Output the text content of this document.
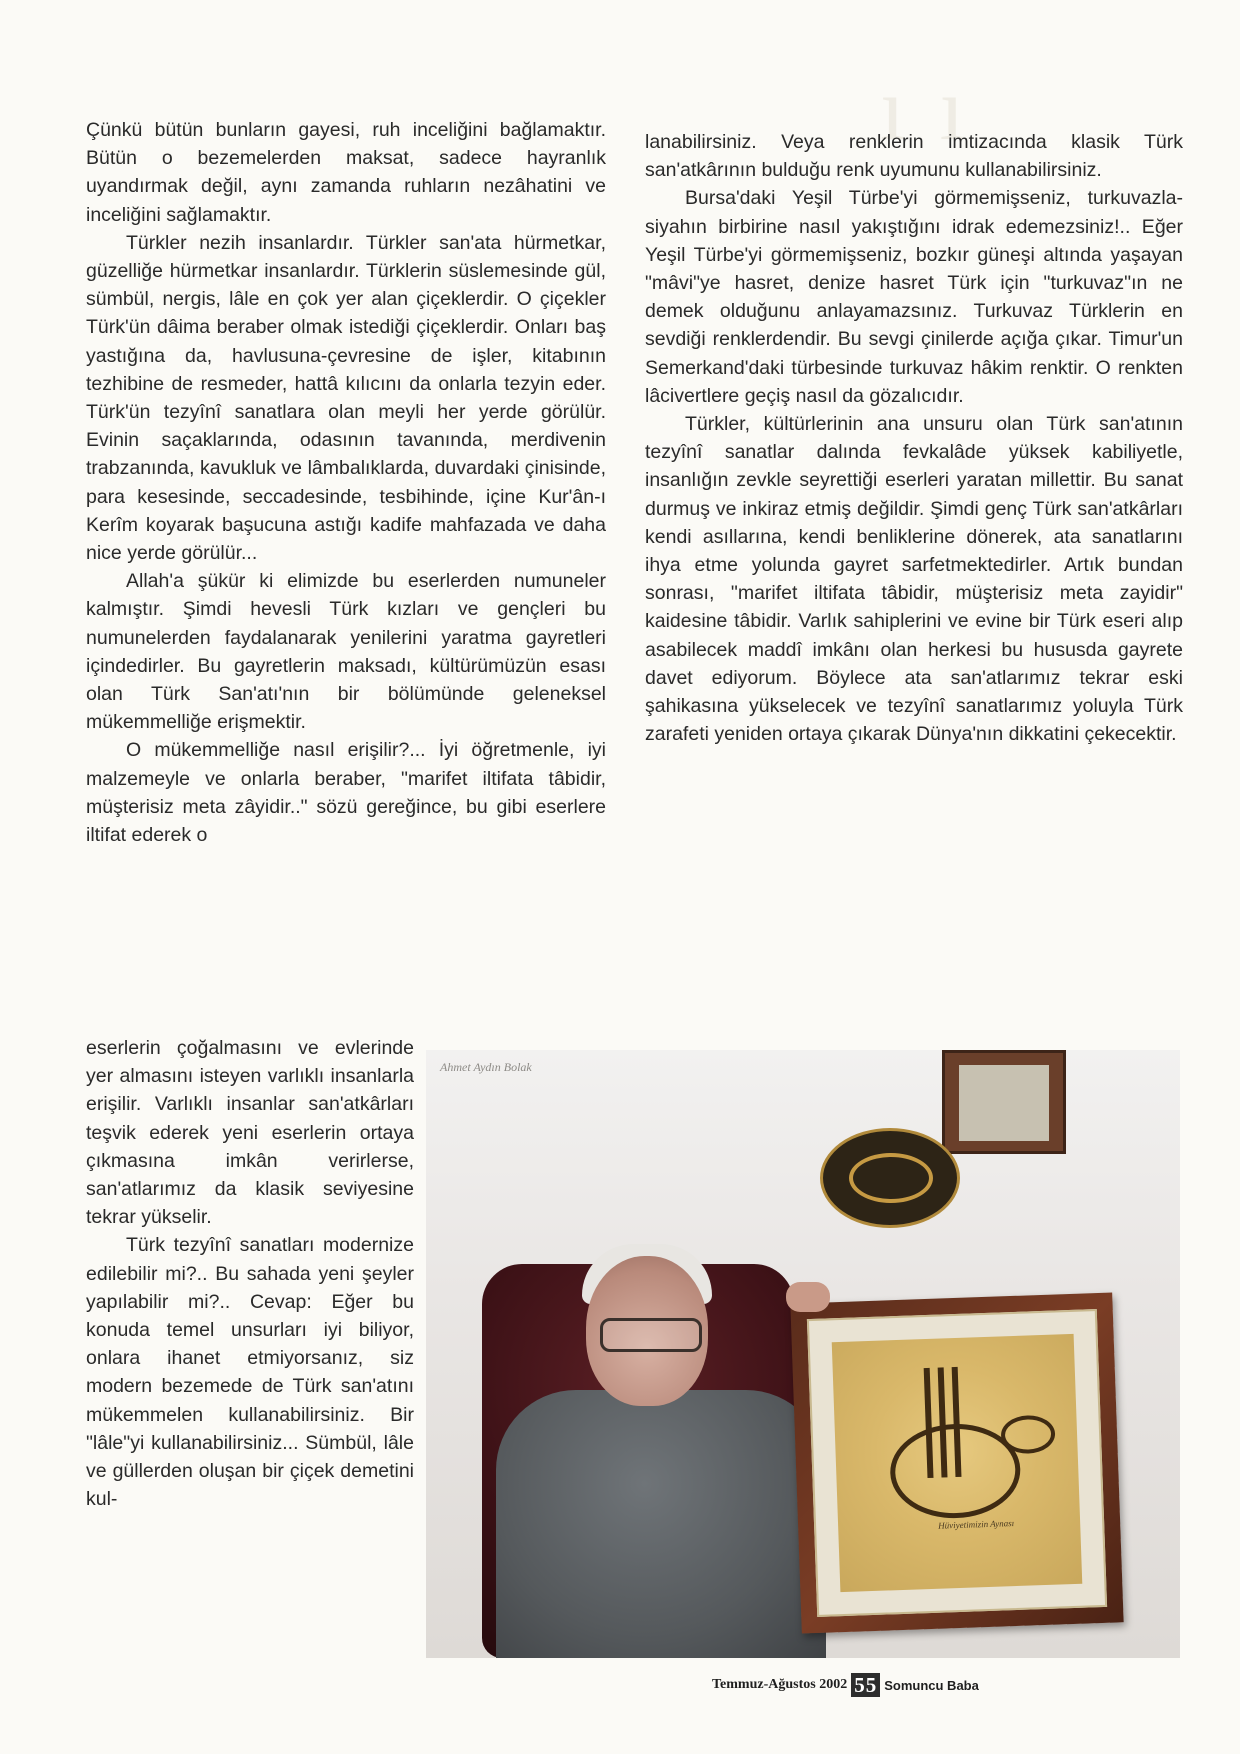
ı ı

Çünkü bütün bunların gayesi, ruh inceliğini bağlamaktır. Bütün o bezemelerden maksat, sadece hayranlık uyandırmak değil, aynı zamanda ruhların nezâhatini ve inceliğini sağlamaktır.

Türkler nezih insanlardır. Türkler san'ata hürmetkar, güzelliğe hürmetkar insanlardır. Türklerin süslemesinde gül, sümbül, nergis, lâle en çok yer alan çiçeklerdir. O çiçekler Türk'ün dâima beraber olmak istediği çiçeklerdir. Onları baş yastığına da, havlusuna-çevresine de işler, kitabının tezhibine de resmeder, hattâ kılıcını da onlarla tezyin eder. Türk'ün tezyînî sanatlara olan meyli her yerde görülür. Evinin saçaklarında, odasının tavanında, merdivenin trabzanında, kavukluk ve lâmbalıklarda, duvardaki çinisinde, para kesesinde, seccadesinde, tesbihinde, içine Kur'ân-ı Kerîm koyarak başucuna astığı kadife mahfazada ve daha nice yerde görülür...

Allah'a şükür ki elimizde bu eserlerden numuneler kalmıştır. Şimdi hevesli Türk kızları ve gençleri bu numunelerden faydalanarak yenilerini yaratma gayretleri içindedirler. Bu gayretlerin maksadı, kültürümüzün esası olan Türk San'atı'nın bir bölümünde geleneksel mükemmelliğe erişmektir.

O mükemmelliğe nasıl erişilir?... İyi öğretmenle, iyi malzemeyle ve onlarla beraber, "marifet iltifata tâbidir, müşterisiz meta zâyidir.." sözü gereğince, bu gibi eserlere iltifat ederek o

eserlerin çoğalmasını ve evlerinde yer almasını isteyen varlıklı insanlarla erişilir. Varlıklı insanlar san'atkârları teşvik ederek yeni eserlerin ortaya çıkmasına imkân verirlerse, san'atlarımız da klasik seviyesine tekrar yükselir.

Türk tezyînî sanatları modernize edilebilir mi?.. Bu sahada yeni şeyler yapılabilir mi?.. Cevap: Eğer bu konuda temel unsurları iyi biliyor, onlara ihanet etmiyorsanız, siz modern bezemede de Türk san'atını mükemmelen kullanabilirsiniz. Bir "lâle"yi kullanabilirsiniz... Sümbül, lâle ve güllerden oluşan bir çiçek demetini kul-

lanabilirsiniz. Veya renklerin imtizacında klasik Türk san'atkârının bulduğu renk uyumunu kullanabilirsiniz.

Bursa'daki Yeşil Türbe'yi görmemişseniz, turkuvazla-siyahın birbirine nasıl yakıştığını idrak edemezsiniz!.. Eğer Yeşil Türbe'yi görmemişseniz, bozkır güneşi altında yaşayan "mâvi"ye hasret, denize hasret Türk için "turkuvaz"ın ne demek olduğunu anlayamazsınız. Turkuvaz Türklerin en sevdiği renklerdendir. Bu sevgi çinilerde açığa çıkar. Timur'un Semerkand'daki türbesinde turkuvaz hâkim renktir. O renkten lâcivertlere geçiş nasıl da gözalıcıdır.

Türkler, kültürlerinin ana unsuru olan Türk san'atının tezyînî sanatlar dalında fevkalâde yüksek kabiliyetle, insanlığın zevkle seyrettiği eserleri yaratan millettir. Bu sanat durmuş ve inkiraz etmiş değildir. Şimdi genç Türk san'atkârları kendi asıllarına, kendi benliklerine dönerek, ata sanatlarını ihya etme yolunda gayret sarfetmektedirler. Artık bundan sonrası, "marifet iltifata tâbidir, müşterisiz meta zayidir" kaidesine tâbidir. Varlık sahiplerini ve evine bir Türk eseri alıp asabilecek maddî imkânı olan herkesi bu hususda gayrete davet ediyorum. Böylece ata san'atlarımız tekrar eski şahikasına yükselecek ve tezyînî sanatlarımız yoluyla Türk zarafeti yeniden ortaya çıkarak Dünya'nın dikkatini çekecektir.

Hüviyetimizin Aynası
Ahmet Aydın Bolak
Temmuz-Ağustos 2002 55 Somuncu Baba
